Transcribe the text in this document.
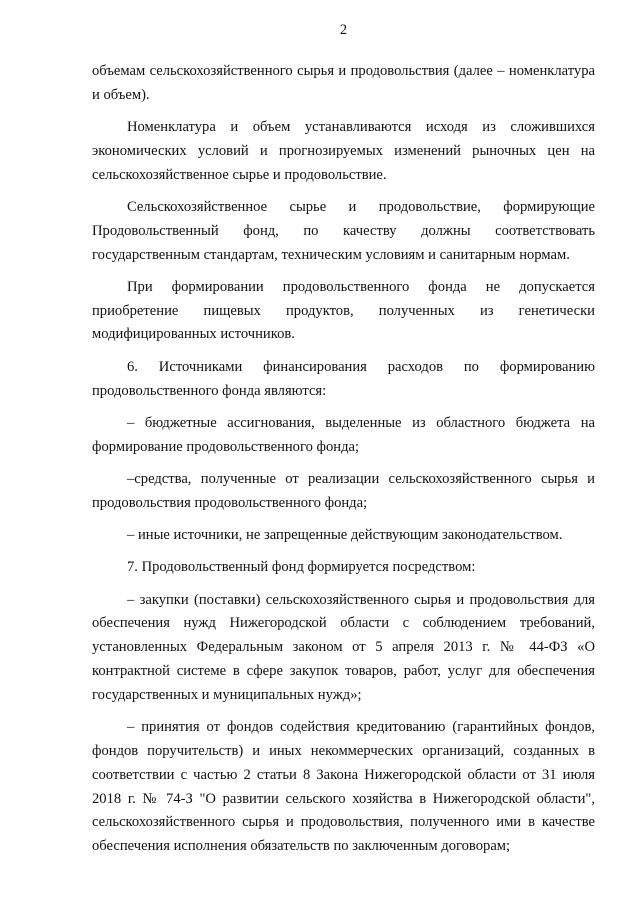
2

объемам сельскохозяйственного сырья и продовольствия (далее – номенклатура и объем).

Номенклатура и объем устанавливаются исходя из сложившихся экономических условий и прогнозируемых изменений рыночных цен на сельскохозяйственное сырье и продовольствие.

Сельскохозяйственное сырье и продовольствие, формирующие Продовольственный фонд, по качеству должны соответствовать государственным стандартам, техническим условиям и санитарным нормам.

При формировании продовольственного фонда не допускается приобретение пищевых продуктов, полученных из генетически модифицированных источников.

6. Источниками финансирования расходов по формированию продовольственного фонда являются:

– бюджетные ассигнования, выделенные из областного бюджета на формирование продовольственного фонда;

–средства, полученные от реализации сельскохозяйственного сырья и продовольствия продовольственного фонда;

– иные источники, не запрещенные действующим законодательством.

7. Продовольственный фонд формируется посредством:

– закупки (поставки) сельскохозяйственного сырья и продовольствия для обеспечения нужд Нижегородской области с соблюдением требований, установленных Федеральным законом от 5 апреля 2013 г. № 44-ФЗ «О контрактной системе в сфере закупок товаров, работ, услуг для обеспечения государственных и муниципальных нужд»;

– принятия от фондов содействия кредитованию (гарантийных фондов, фондов поручительств) и иных некоммерческих организаций, созданных в соответствии с частью 2 статьи 8 Закона Нижегородской области от 31 июля 2018 г. № 74-З "О развитии сельского хозяйства в Нижегородской области", сельскохозяйственного сырья и продовольствия, полученного ими в качестве обеспечения исполнения обязательств по заключенным договорам;
